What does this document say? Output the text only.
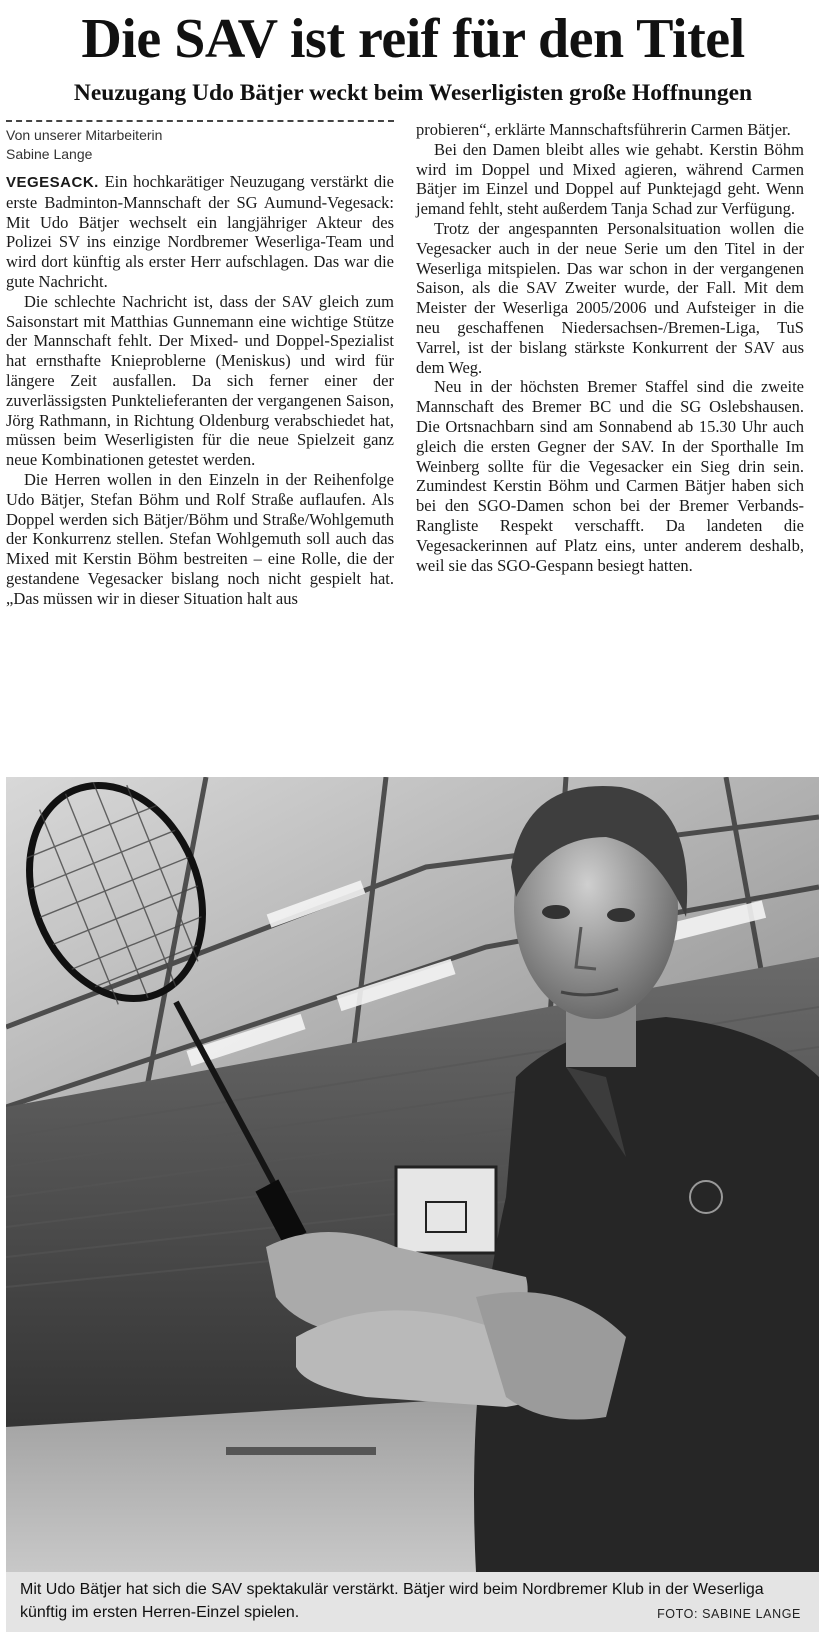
Die SAV ist reif für den Titel
Neuzugang Udo Bätjer weckt beim Weserligisten große Hoffnungen
Von unserer Mitarbeiterin
Sabine Lange

VEGESACK. Ein hochkarätiger Neuzugang verstärkt die erste Badminton-Mannschaft der SG Aumund-Vegesack: Mit Udo Bätjer wechselt ein langjähriger Akteur des Polizei SV ins einzige Nordbremer Weserliga-Team und wird dort künftig als erster Herr aufschlagen. Das war die gute Nachricht.

Die schlechte Nachricht ist, dass der SAV gleich zum Saisonstart mit Matthias Gunnemann eine wichtige Stütze der Mannschaft fehlt. Der Mixed- und Doppel-Spezialist hat ernsthafte Knieproblerne (Meniskus) und wird für längere Zeit ausfallen. Da sich ferner einer der zuverlässigsten Punktelieferanten der vergangenen Saison, Jörg Rathmann, in Richtung Oldenburg verabschiedet hat, müssen beim Weserligisten für die neue Spielzeit ganz neue Kombinationen getestet werden.

Die Herren wollen in den Einzeln in der Reihenfolge Udo Bätjer, Stefan Böhm und Rolf Straße auflaufen. Als Doppel werden sich Bätjer/Böhm und Straße/Wohlgemuth der Konkurrenz stellen. Stefan Wohlgemuth soll auch das Mixed mit Kerstin Böhm bestreiten – eine Rolle, die der gestandene Vegesacker bislang noch nicht gespielt hat. „Das müssen wir in dieser Situation halt aus

probieren“, erklärte Mannschaftsführerin Carmen Bätjer.

Bei den Damen bleibt alles wie gehabt. Kerstin Böhm wird im Doppel und Mixed agieren, während Carmen Bätjer im Einzel und Doppel auf Punktejagd geht. Wenn jemand fehlt, steht außerdem Tanja Schad zur Verfügung.

Trotz der angespannten Personalsituation wollen die Vegesacker auch in der neue Serie um den Titel in der Weserliga mitspielen. Das war schon in der vergangenen Saison, als die SAV Zweiter wurde, der Fall. Mit dem Meister der Weserliga 2005/2006 und Aufsteiger in die neu geschaffenen Niedersachsen-/Bremen-Liga, TuS Varrel, ist der bislang stärkste Konkurrent der SAV aus dem Weg.

Neu in der höchsten Bremer Staffel sind die zweite Mannschaft des Bremer BC und die SG Oslebshausen. Die Ortsnachbarn sind am Sonnabend ab 15.30 Uhr auch gleich die ersten Gegner der SAV. In der Sporthalle Im Weinberg sollte für die Vegesacker ein Sieg drin sein. Zumindest Kerstin Böhm und Carmen Bätjer haben sich bei den SGO-Damen schon bei der Bremer Verbands-Rangliste Respekt verschafft. Da landeten die Vegesackerinnen auf Platz eins, unter anderem deshalb, weil sie das SGO-Gespann besiegt hatten.

Mit Udo Bätjer hat sich die SAV spektakulär verstärkt. Bätjer wird beim Nordbremer Klub in der Weserliga künftig im ersten Herren-Einzel spielen.	FOTO: SABINE LANGE
